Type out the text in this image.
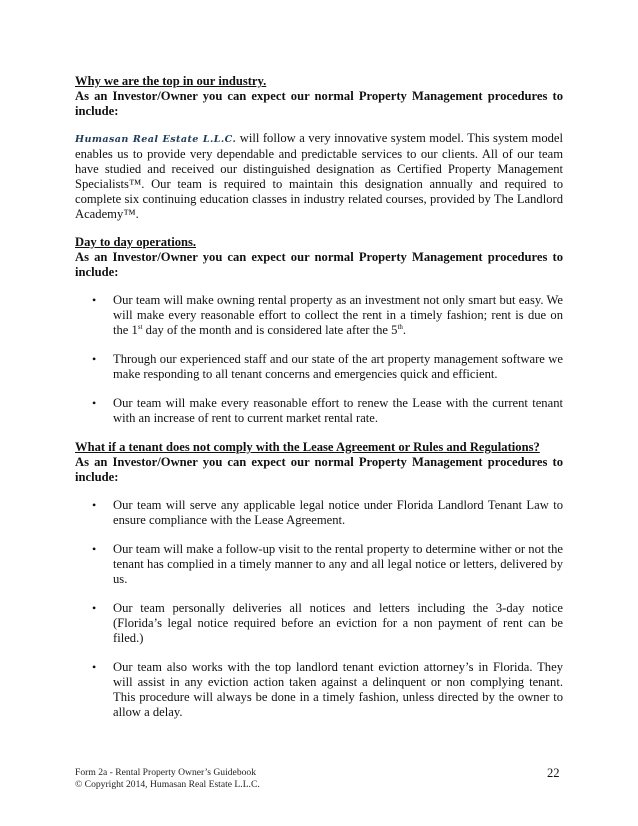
Why we are the top in our industry.

As an Investor/Owner you can expect our normal Property Management procedures to include:

Humasan Real Estate L.L.C. will follow a very innovative system model. This system model enables us to provide very dependable and predictable services to our clients. All of our team have studied and received our distinguished designation as Certified Property Management Specialists™. Our team is required to maintain this designation annually and required to complete six continuing education classes in industry related courses, provided by The Landlord Academy™.

Day to day operations.

As an Investor/Owner you can expect our normal Property Management procedures to include:

• Our team will make owning rental property as an investment not only smart but easy. We will make every reasonable effort to collect the rent in a timely fashion; rent is due on the 1st day of the month and is considered late after the 5th.
• Through our experienced staff and our state of the art property management software we make responding to all tenant concerns and emergencies quick and efficient.
• Our team will make every reasonable effort to renew the Lease with the current tenant with an increase of rent to current market rental rate.

What if a tenant does not comply with the Lease Agreement or Rules and Regulations?

As an Investor/Owner you can expect our normal Property Management procedures to include:

• Our team will serve any applicable legal notice under Florida Landlord Tenant Law to ensure compliance with the Lease Agreement.
• Our team will make a follow-up visit to the rental property to determine wither or not the tenant has complied in a timely manner to any and all legal notice or letters, delivered by us.
• Our team personally deliveries all notices and letters including the 3-day notice (Florida’s legal notice required before an eviction for a non payment of rent can be filed.)
• Our team also works with the top landlord tenant eviction attorney’s in Florida. They will assist in any eviction action taken against a delinquent or non complying tenant. This procedure will always be done in a timely fashion, unless directed by the owner to allow a delay.
Form 2a - Rental Property Owner’s Guidebook
© Copyright 2014, Humasan Real Estate L.L.C.
22
